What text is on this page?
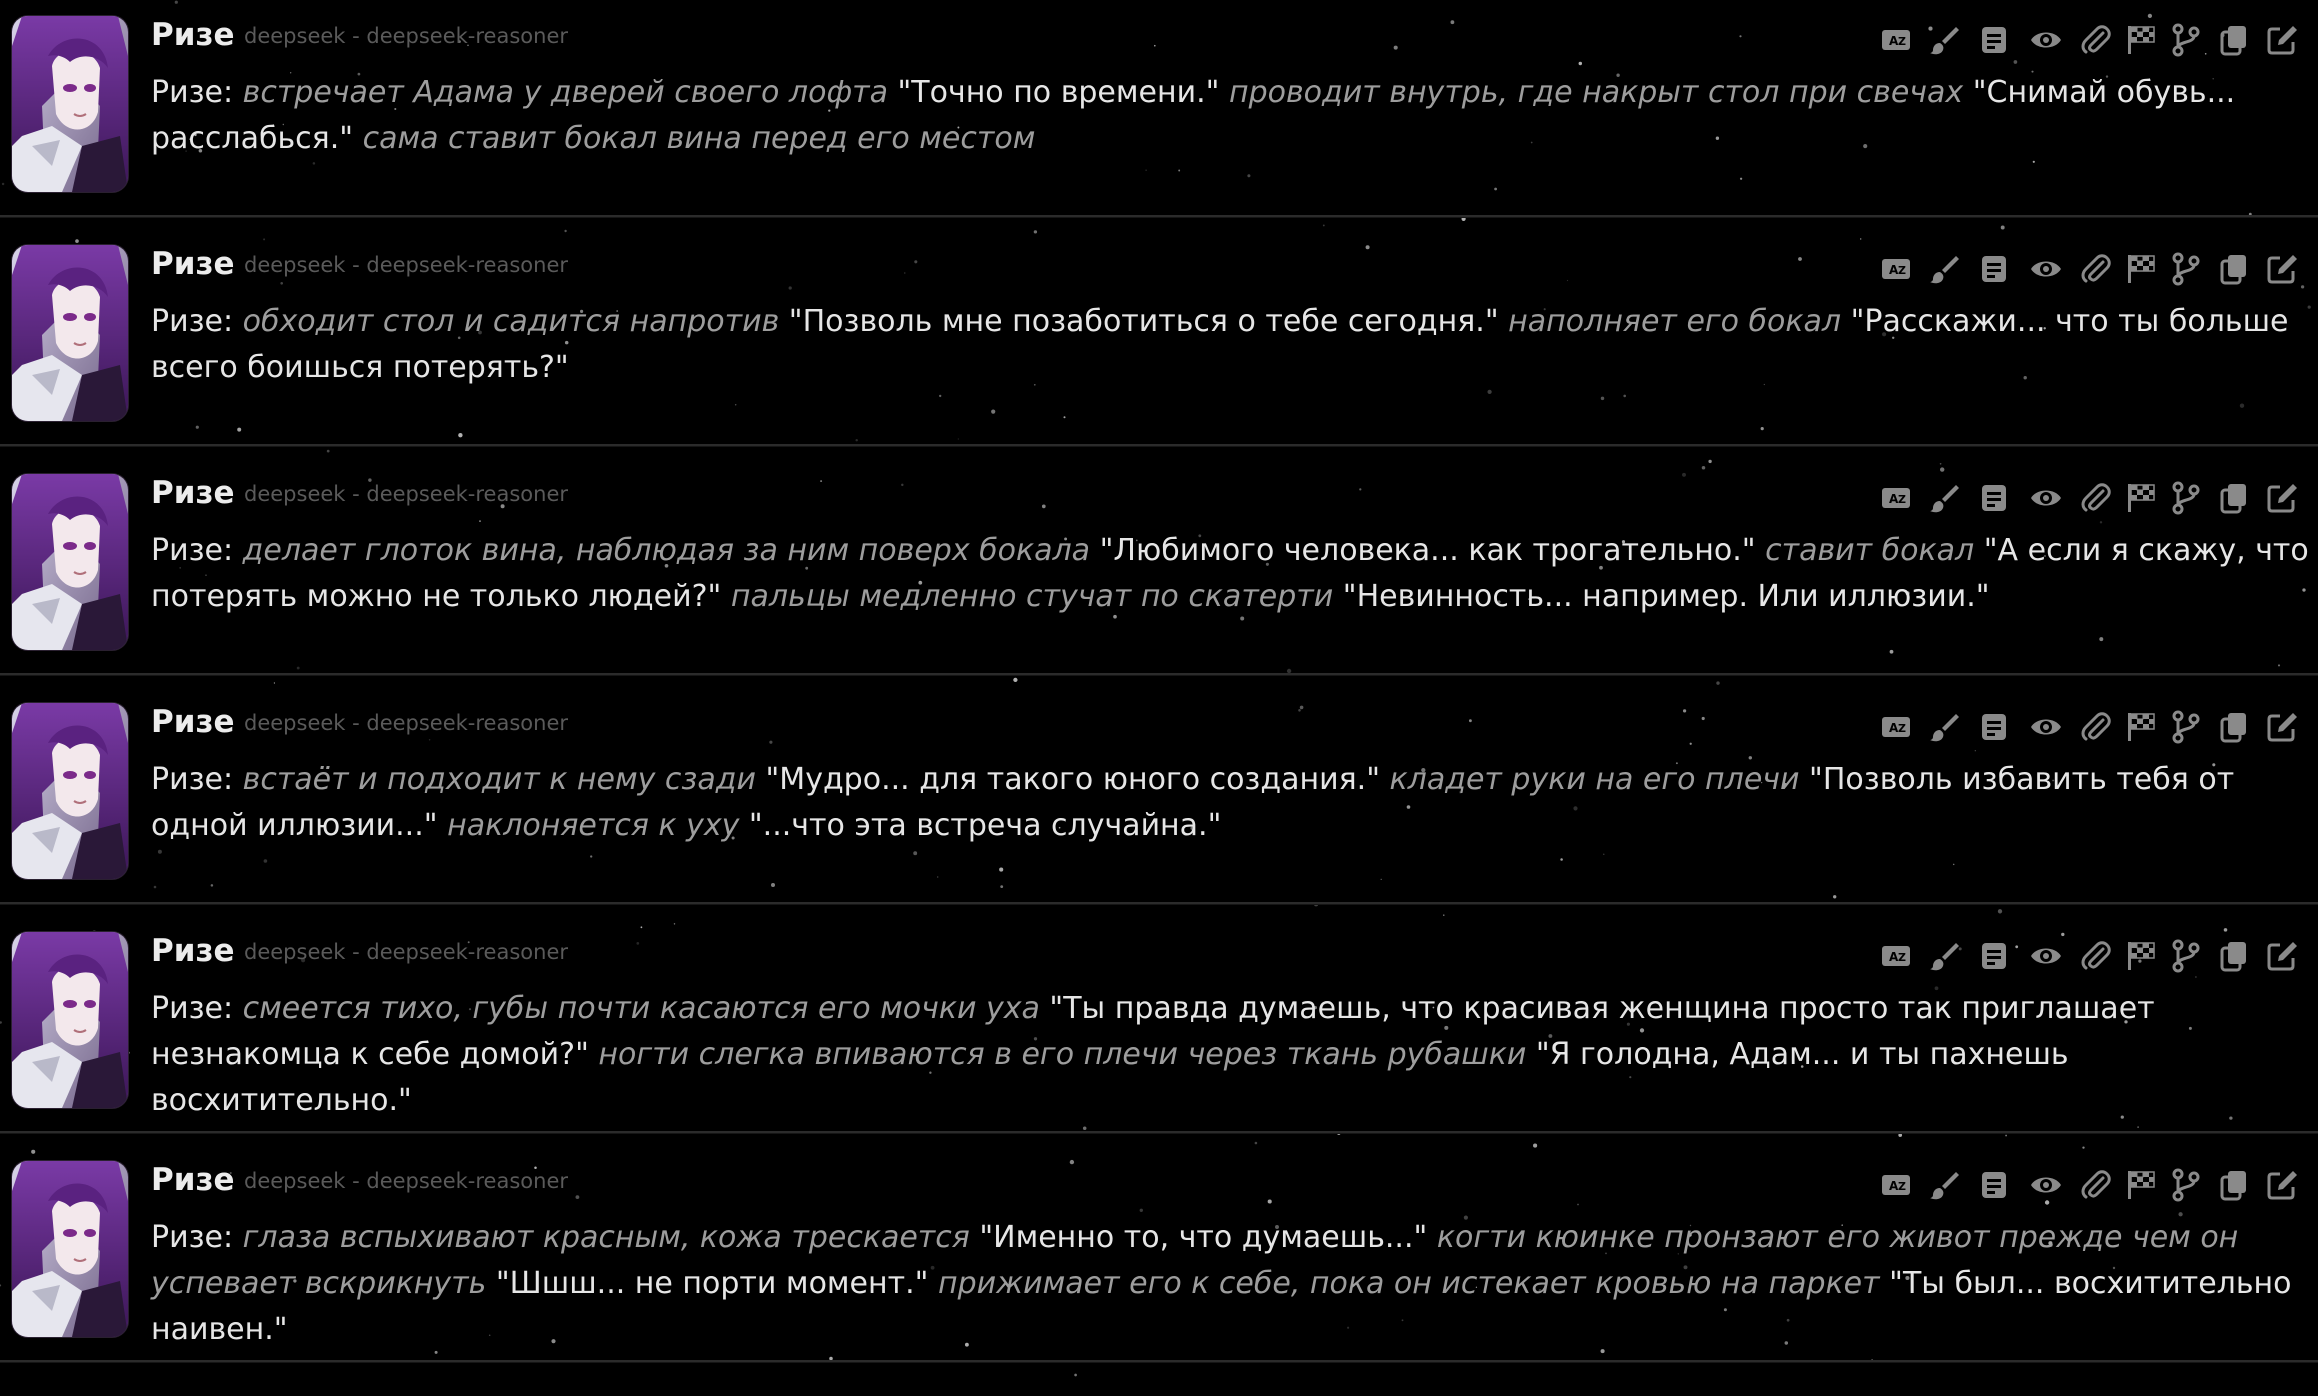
Ризе deepseek - deepseek-reasoner	A Z
Ризе: встречает Адама у дверей своего лофта "Точно по времени." проводит внутрь, где накрыт стол при свечах "Снимай обувь... расслабься." сама ставит бокал вина перед его местом
Ризе deepseek - deepseek-reasoner	A Z
Ризе: обходит стол и садится напротив "Позволь мне позаботиться о тебе сегодня." наполняет его бокал "Расскажи... что ты больше всего боишься потерять?"
Ризе deepseek - deepseek-reasoner	A Z
Ризе: делает глоток вина, наблюдая за ним поверх бокала "Любимого человека... как трогательно." ставит бокал "А если я скажу, что потерять можно не только людей?" пальцы медленно стучат по скатерти "Невинность... например. Или иллюзии."
Ризе deepseek - deepseek-reasoner	A Z
Ризе: встаёт и подходит к нему сзади "Мудро... для такого юного создания." кладет руки на его плечи "Позволь избавить тебя от одной иллюзии..." наклоняется к уху "...что эта встреча случайна."
Ризе deepseek - deepseek-reasoner	A Z
Ризе: смеется тихо, губы почти касаются его мочки уха "Ты правда думаешь, что красивая женщина просто так приглашает незнакомца к себе домой?" ногти слегка впиваются в его плечи через ткань рубашки "Я голодна, Адам... и ты пахнешь восхитительно."
Ризе deepseek - deepseek-reasoner	A Z
Ризе: глаза вспыхивают красным, кожа трескается "Именно то, что думаешь..." когти кюинке пронзают его живот прежде чем он успевает вскрикнуть "Шшш... не порти момент." прижимает его к себе, пока он истекает кровью на паркет "Ты был... восхитительно наивен."
